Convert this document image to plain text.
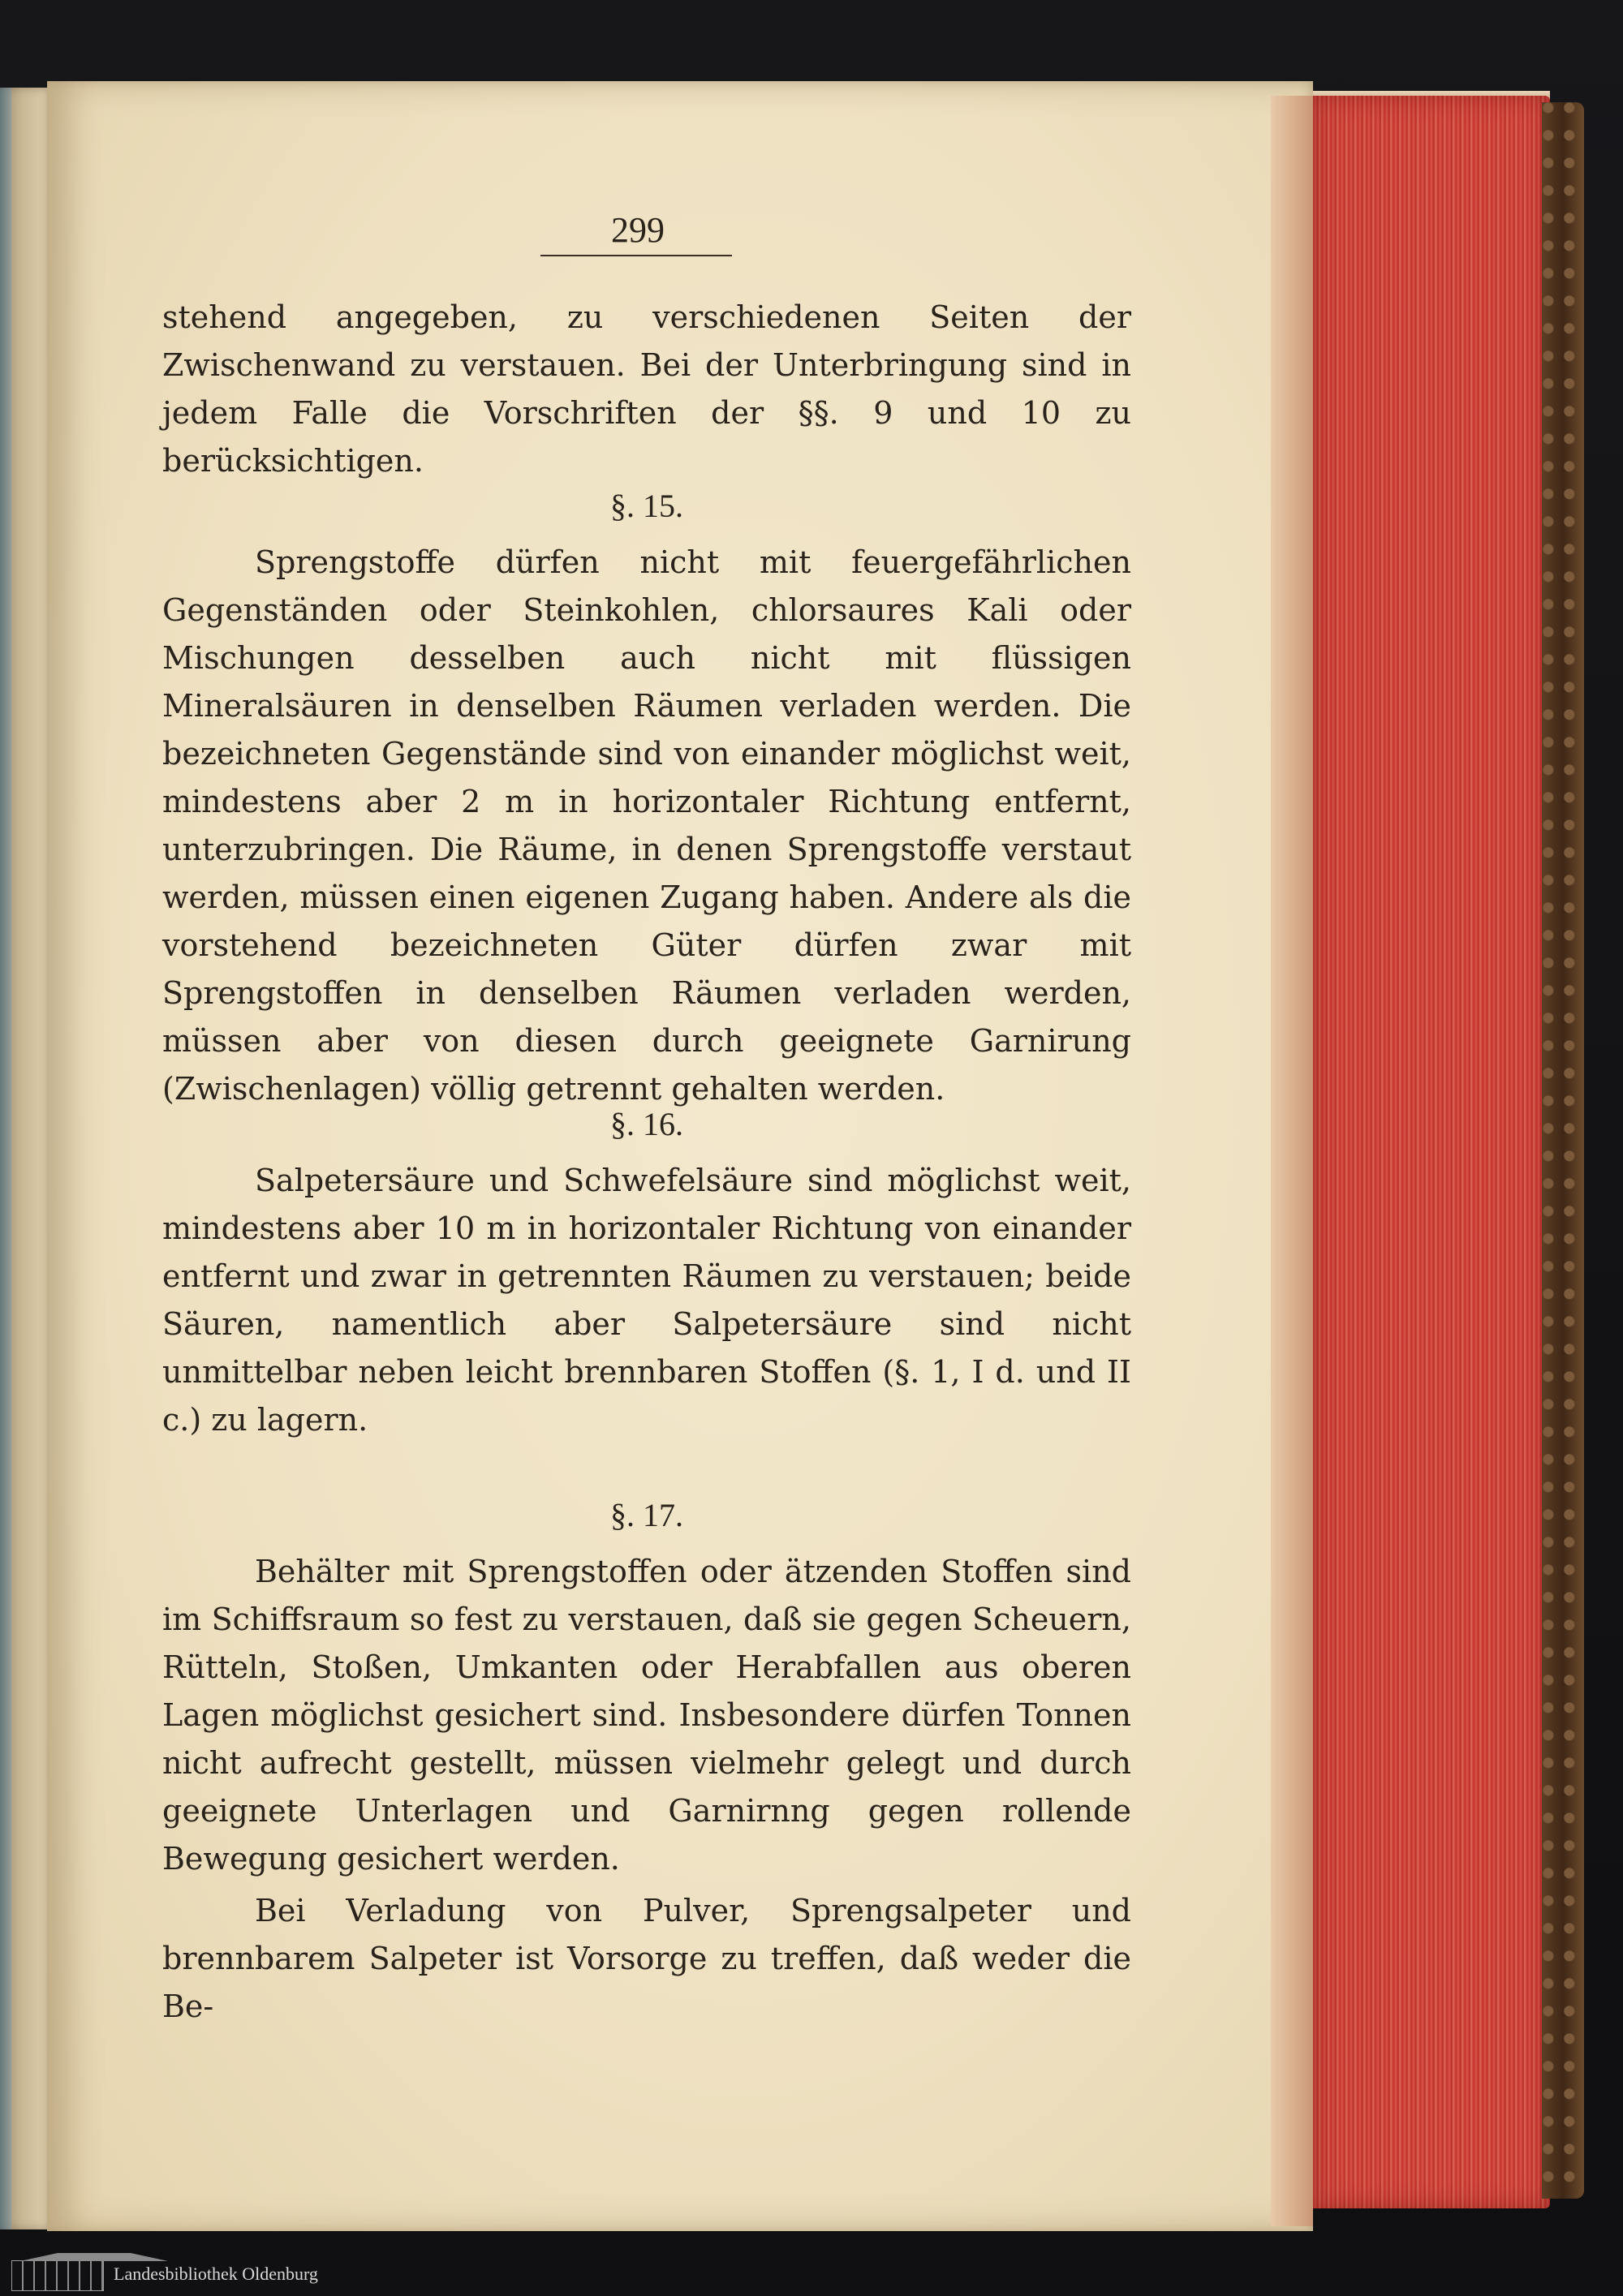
299

stehend angegeben, zu verschiedenen Seiten der Zwischenwand zu verstauen. Bei der Unterbringung sind in jedem Falle die Vorschriften der §§. 9 und 10 zu berücksichtigen.

§. 15.

Sprengstoffe dürfen nicht mit feuergefährlichen Gegenständen oder Steinkohlen, chlorsaures Kali oder Mischungen desselben auch nicht mit flüssigen Mineralsäuren in denselben Räumen verladen werden. Die bezeichneten Gegenstände sind von einander möglichst weit, mindestens aber 2 m in horizontaler Richtung entfernt, unterzubringen. Die Räume, in denen Sprengstoffe verstaut werden, müssen einen eigenen Zugang haben. Andere als die vorstehend bezeichneten Güter dürfen zwar mit Sprengstoffen in denselben Räumen verladen werden, müssen aber von diesen durch geeignete Garnirung (Zwischenlagen) völlig getrennt gehalten werden.

§. 16.

Salpetersäure und Schwefelsäure sind möglichst weit, mindestens aber 10 m in horizontaler Richtung von einander entfernt und zwar in getrennten Räumen zu verstauen; beide Säuren, namentlich aber Salpetersäure sind nicht unmittelbar neben leicht brennbaren Stoffen (§. 1, I d. und II c.) zu lagern.

§. 17.

Behälter mit Sprengstoffen oder ätzenden Stoffen sind im Schiffsraum so fest zu verstauen, daß sie gegen Scheuern, Rütteln, Stoßen, Umkanten oder Herabfallen aus oberen Lagen möglichst gesichert sind. Insbesondere dürfen Tonnen nicht aufrecht gestellt, müssen vielmehr gelegt und durch geeignete Unterlagen und Garnirnng gegen rollende Bewegung gesichert werden.

Bei Verladung von Pulver, Sprengsalpeter und brennbarem Salpeter ist Vorsorge zu treffen, daß weder die Be-

Landesbibliothek Oldenburg
